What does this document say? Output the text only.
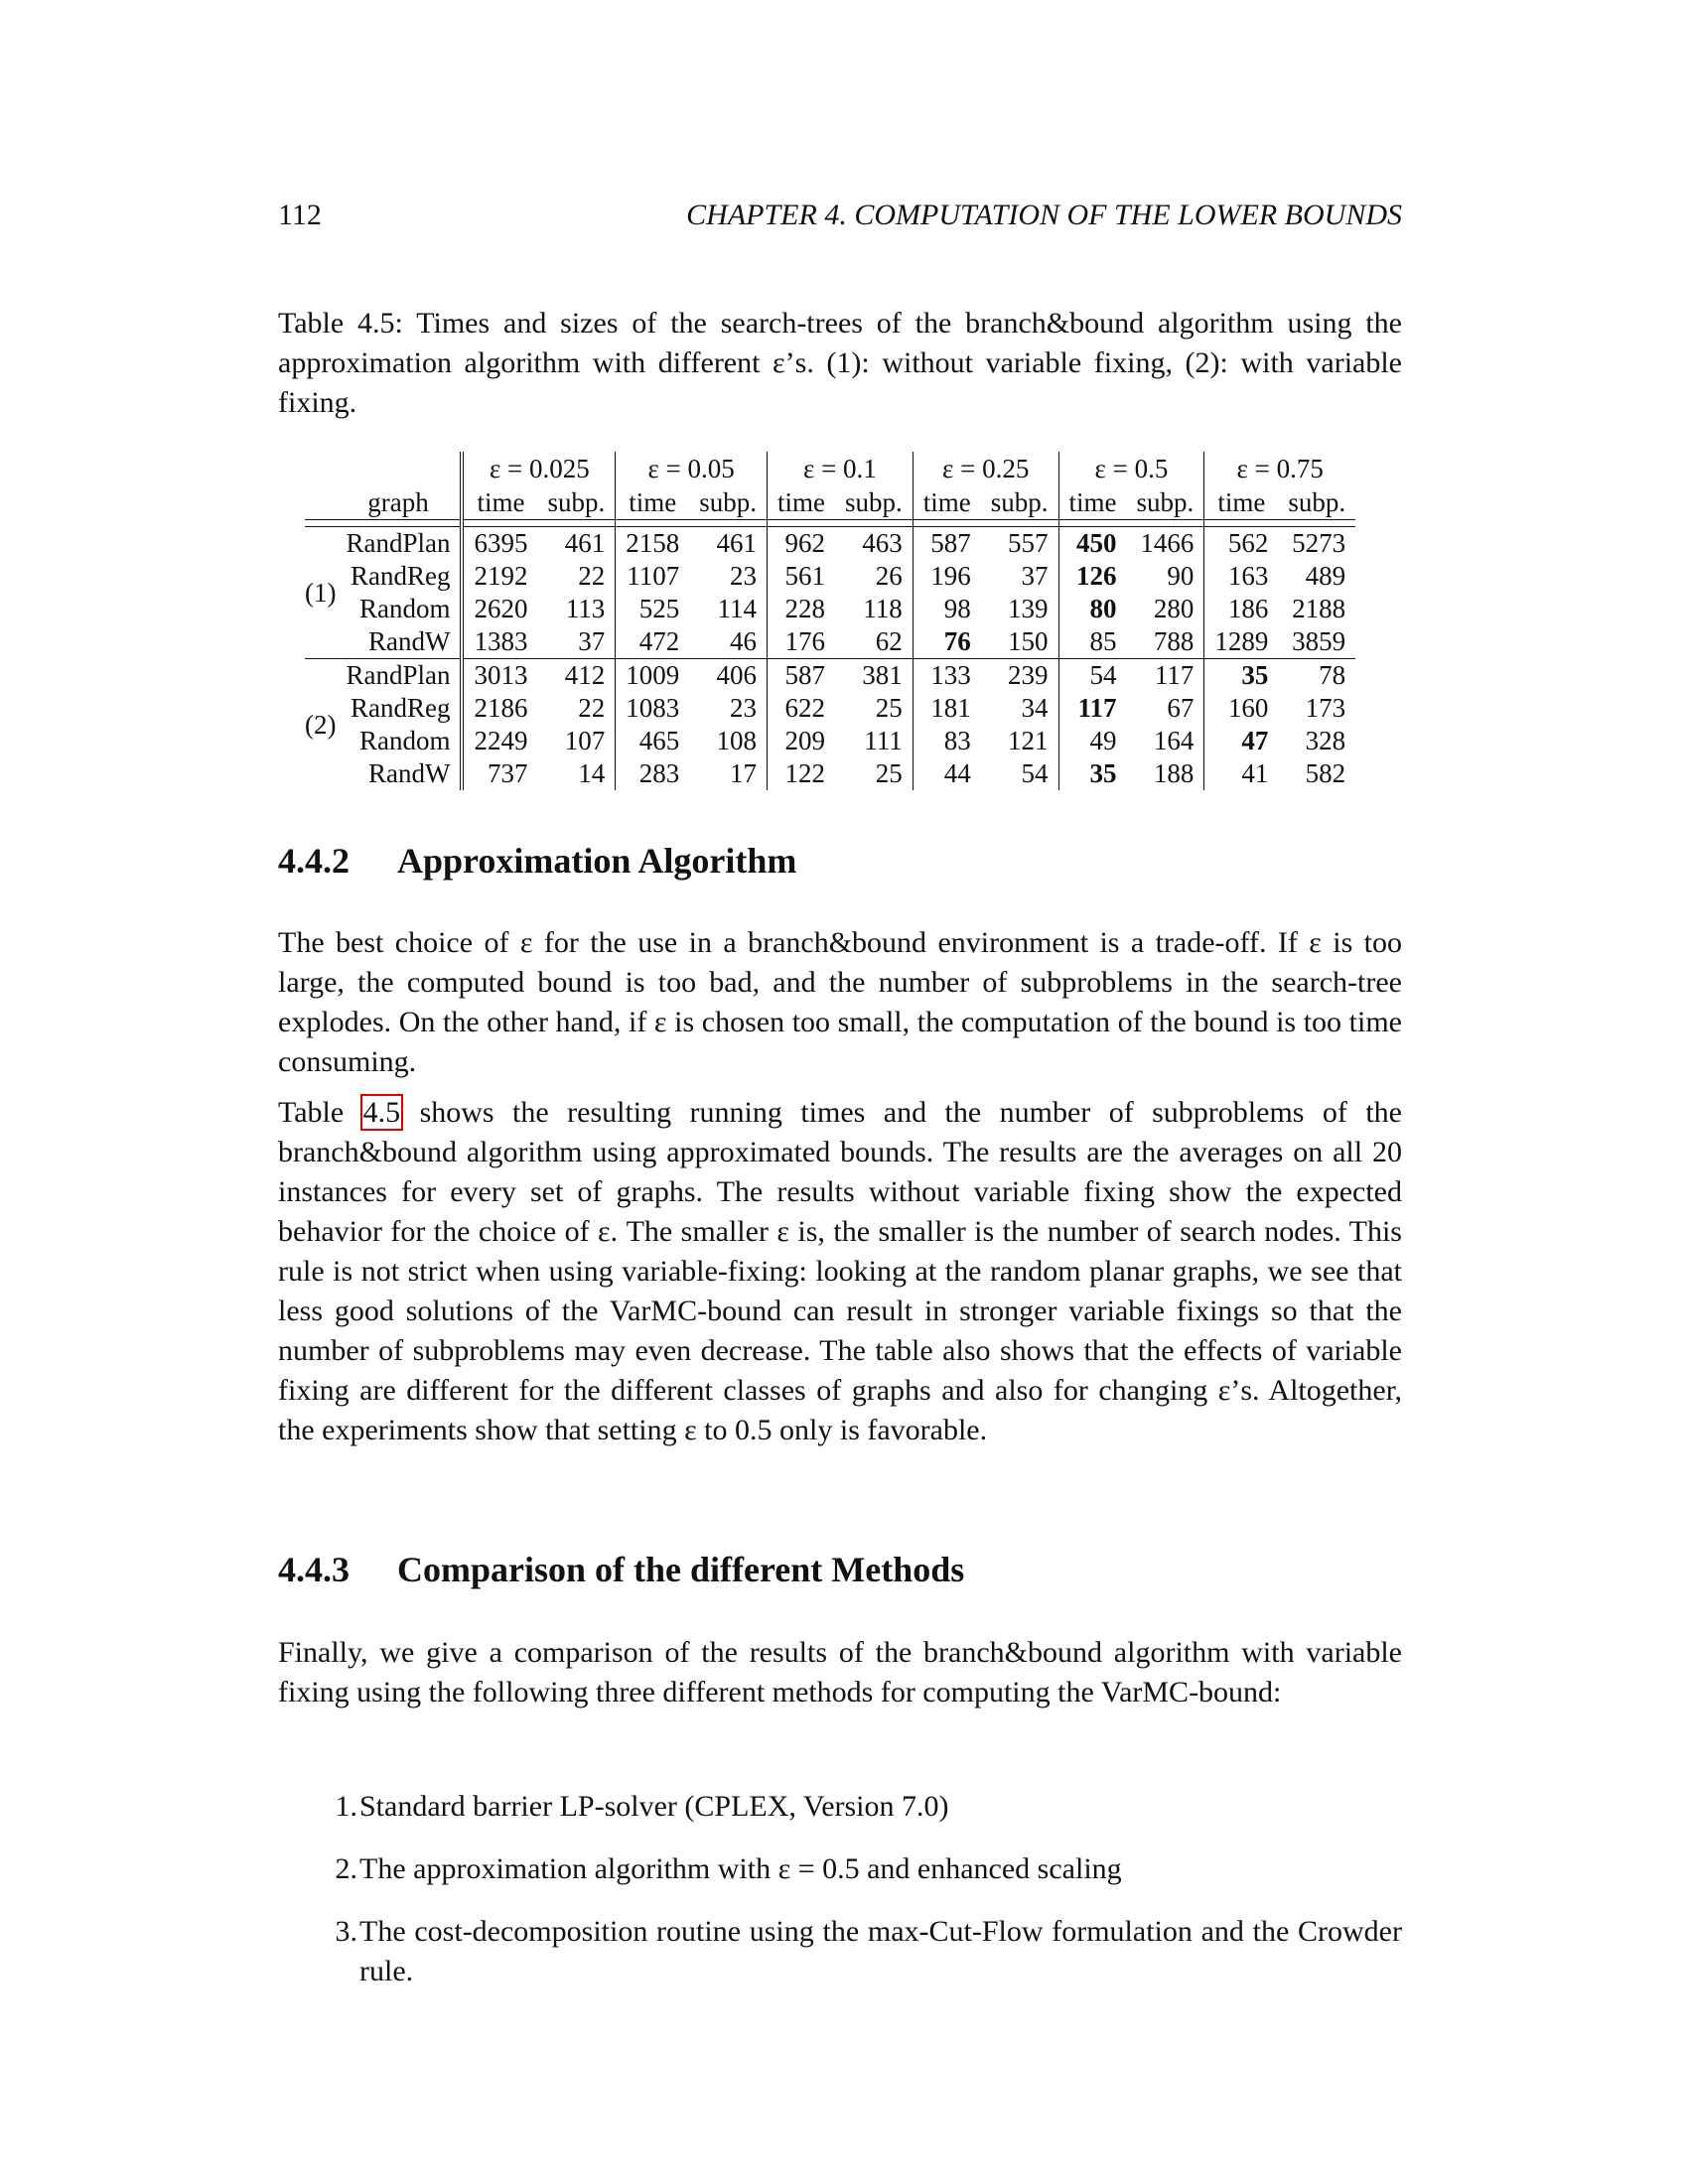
112	CHAPTER 4. COMPUTATION OF THE LOWER BOUNDS
Table 4.5: Times and sizes of the search-trees of the branch&bound algorithm using the approximation algorithm with different ε’s. (1): without variable fixing, (2): with variable fixing.
		ε = 0.025		ε = 0.05		ε = 0.1		ε = 0.25		ε = 0.5		ε = 0.75	
	graph	time	subp.	time	subp.	time	subp.	time	subp.	time	subp.	time	subp.

	RandPlan	6395	461	2158	461	962	463	587	557	450	1466	562	5273
(1)	RandReg	2192	22	1107	23	561	26	196	37	126	90	163	489
	Random	2620	113	525	114	228	118	98	139	80	280	186	2188
	RandW	1383	37	472	46	176	62	76	150	85	788	1289	3859
	RandPlan	3013	412	1009	406	587	381	133	239	54	117	35	78
(2)	RandReg	2186	22	1083	23	622	25	181	34	117	67	160	173
	Random	2249	107	465	108	209	111	83	121	49	164	47	328
	RandW	737	14	283	17	122	25	44	54	35	188	41	582
4.4.2 Approximation Algorithm

The best choice of ε for the use in a branch&bound environment is a trade-off. If ε is too large, the computed bound is too bad, and the number of subproblems in the search-tree explodes. On the other hand, if ε is chosen too small, the computation of the bound is too time consuming.

Table 4.5 shows the resulting running times and the number of subproblems of the branch&bound algorithm using approximated bounds. The results are the averages on all 20 instances for every set of graphs. The results without variable fixing show the expected behavior for the choice of ε. The smaller ε is, the smaller is the number of search nodes. This rule is not strict when using variable-fixing: looking at the random planar graphs, we see that less good solutions of the VarMC-bound can result in stronger variable fixings so that the number of subproblems may even decrease. The table also shows that the effects of variable fixing are different for the different classes of graphs and also for changing ε’s. Altogether, the experiments show that setting ε to 0.5 only is favorable.

4.4.3 Comparison of the different Methods

Finally, we give a comparison of the results of the branch&bound algorithm with variable fixing using the following three different methods for computing the VarMC-bound:

1. Standard barrier LP-solver (CPLEX, Version 7.0)
2. The approximation algorithm with ε = 0.5 and enhanced scaling
3. The cost-decomposition routine using the max-Cut-Flow formulation and the Crowder rule.
